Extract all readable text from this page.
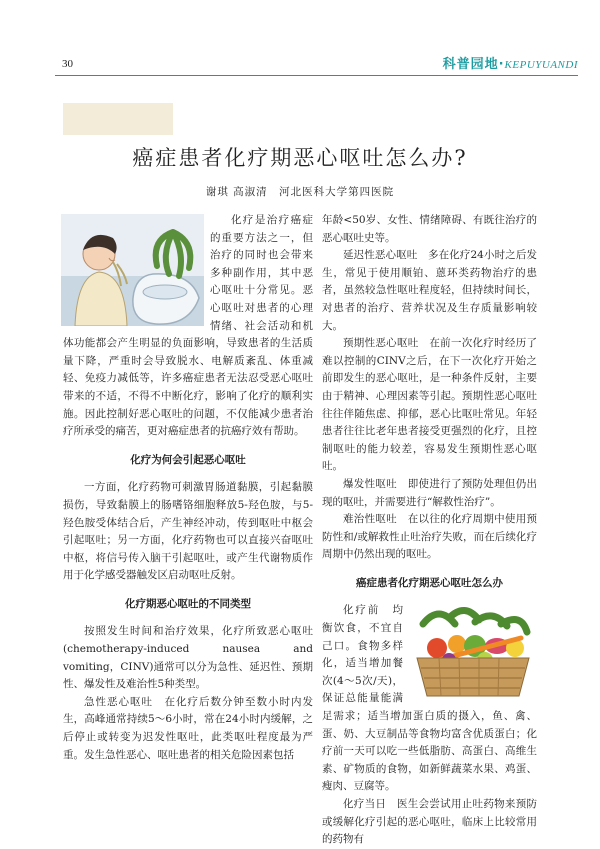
30	科普园地·KEPUYUANDI
癌症患者化疗期恶心呕吐怎么办?
谢琪 高淑清　河北医科大学第四医院

化疗是治疗癌症的重要方法之一，但治疗的同时也会带来多种副作用，其中恶心呕吐十分常见。恶心呕吐对患者的心理情绪、社会活动和机体功能都会产生明显的负面影响，导致患者的生活质量下降，严重时会导致脱水、电解质紊乱、体重减轻、免疫力减低等，许多癌症患者无法忍受恶心呕吐带来的不适，不得不中断化疗，影响了化疗的顺利实施。因此控制好恶心呕吐的问题，不仅能减少患者治疗所承受的痛苦，更对癌症患者的抗癌疗效有帮助。

化疗为何会引起恶心呕吐

一方面，化疗药物可刺激胃肠道黏膜，引起黏膜损伤，导致黏膜上的肠嗜铬细胞释放5-羟色胺，与5-羟色胺受体结合后，产生神经冲动，传到呕吐中枢会引起呕吐；另一方面，化疗药物也可以直接兴奋呕吐中枢，将信号传入脑干引起呕吐，或产生代谢物质作用于化学感受器触发区启动呕吐反射。

化疗期恶心呕吐的不同类型

按照发生时间和治疗效果，化疗所致恶心呕吐(chemotherapy-induced nausea and vomiting，CINV)通常可以分为急性、延迟性、预期性、爆发性及难治性5种类型。

急性恶心呕吐　在化疗后数分钟至数小时内发生，高峰通常持续5～6小时，常在24小时内缓解，之后停止或转变为迟发性呕吐，此类呕吐程度最为严重。发生急性恶心、呕吐患者的相关危险因素包括

年龄<50岁、女性、情绪障碍、有既往治疗的恶心呕吐史等。

延迟性恶心呕吐　多在化疗24小时之后发生，常见于使用顺铂、蒽环类药物治疗的患者，虽然较急性呕吐程度轻，但持续时间长，对患者的治疗、营养状况及生存质量影响较大。

预期性恶心呕吐　在前一次化疗时经历了难以控制的CINV之后，在下一次化疗开始之前即发生的恶心呕吐，是一种条件反射，主要由于精神、心理因素等引起。预期性恶心呕吐往往伴随焦虑、抑郁，恶心比呕吐常见。年轻患者往往比老年患者接受更强烈的化疗，且控制呕吐的能力较差，容易发生预期性恶心呕吐。

爆发性呕吐　即使进行了预防处理但仍出现的呕吐，并需要进行“解救性治疗”。

难治性呕吐　在以往的化疗周期中使用预防性和/或解救性止吐治疗失败，而在后续化疗周期中仍然出现的呕吐。

癌症患者化疗期恶心呕吐怎么办

化疗前　均衡饮食，不宜自己口。食物多样化，适当增加餐次(4～5次/天)，保证总能量能满足需求；适当增加蛋白质的摄入，鱼、禽、蛋、奶、大豆制品等食物均富含优质蛋白；化疗前一天可以吃一些低脂肪、高蛋白、高维生素、矿物质的食物，如新鲜蔬菜水果、鸡蛋、瘦肉、豆腐等。

化疗当日　医生会尝试用止吐药物来预防或缓解化疗引起的恶心呕吐，临床上比较常用的药物有
